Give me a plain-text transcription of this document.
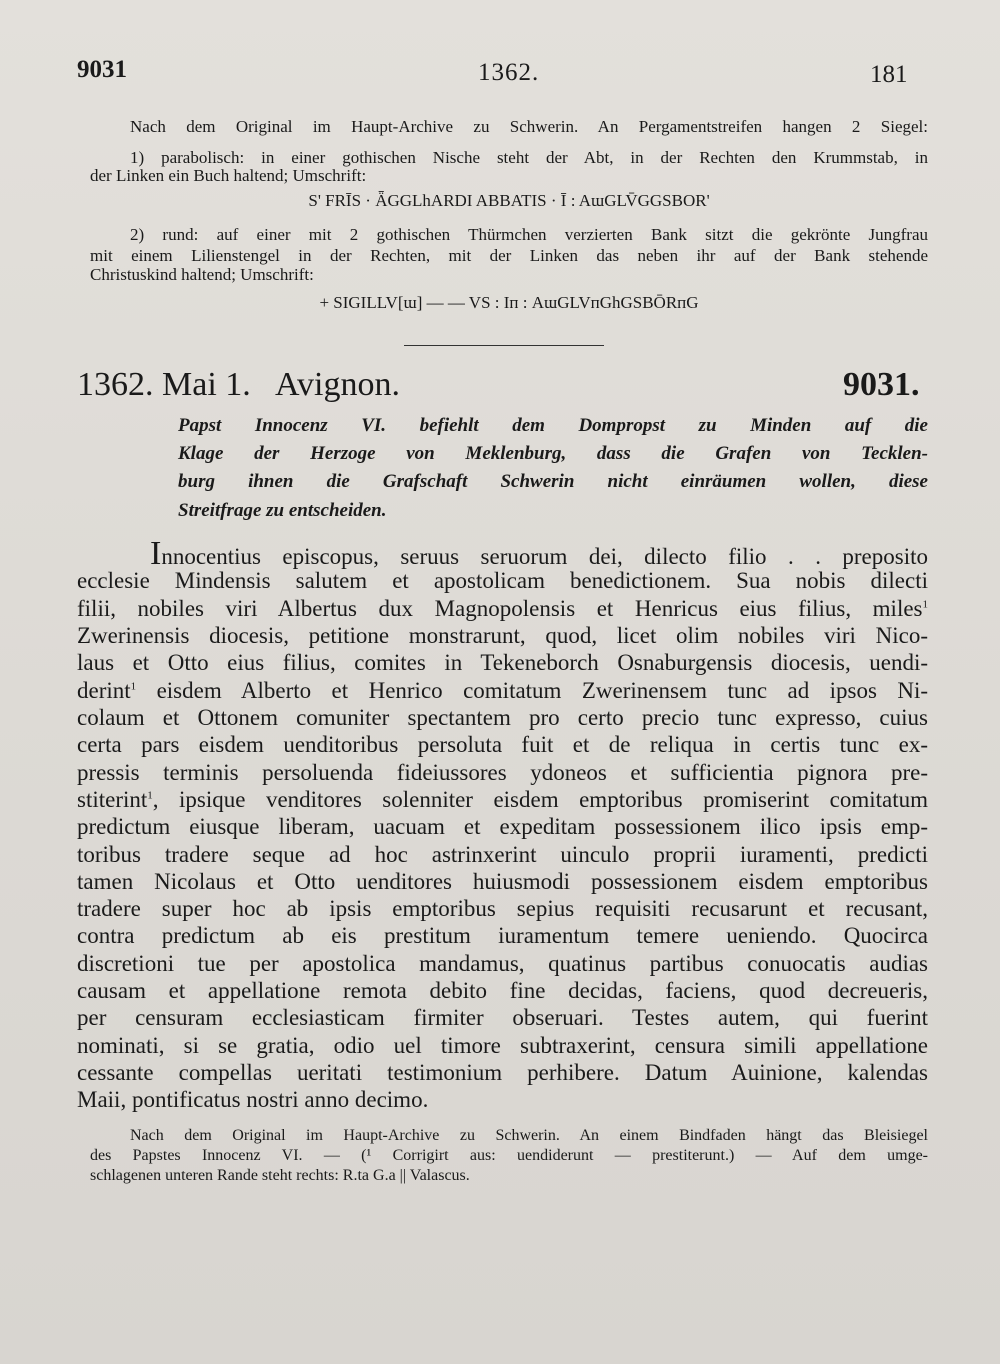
9031	1362.	181
Nach dem Original im Haupt-Archive zu Schwerin. An Pergamentstreifen hangen 2 Siegel:
1) parabolisch: in einer gothischen Nische steht der Abt, in der Rechten den Krummstab, in
der Linken ein Buch haltend; Umschrift:
S' FRĪS · ǞGGLhARDI ABBATIS · Ī : AɯGLV̄GGSBOR'
2) rund: auf einer mit 2 gothischen Thürmchen verzierten Bank sitzt die gekrönte Jungfrau
mit einem Lilienstengel in der Rechten, mit der Linken das neben ihr auf der Bank stehende
Christuskind haltend; Umschrift:
+ SIGILLV[ɯ] — — VS : Iᴨ : AɯGLVᴨGhGSBŌRᴨG
1362. Mai 1. Avignon.	9031.
Papst Innocenz VI. befiehlt dem Dompropst zu Minden auf die
Klage der Herzoge von Meklenburg, dass die Grafen von Tecklen-
burg ihnen die Grafschaft Schwerin nicht einräumen wollen, diese
Streitfrage zu entscheiden.
Innocentius episcopus, seruus seruorum dei, dilecto filio . . preposito
ecclesie Mindensis salutem et apostolicam benedictionem. Sua nobis dilecti
filii, nobiles viri Albertus dux Magnopolensis et Henricus eius filius, miles$^1$
Zwerinensis diocesis, petitione monstrarunt, quod, licet olim nobiles viri Nico-
laus et Otto eius filius, comites in Tekeneborch Osnaburgensis diocesis, uendi-
derint$^1$ eisdem Alberto et Henrico comitatum Zwerinensem tunc ad ipsos Ni-
colaum et Ottonem comuniter spectantem pro certo precio tunc expresso, cuius
certa pars eisdem uenditoribus persoluta fuit et de reliqua in certis tunc ex-
pressis terminis persoluenda fideiussores ydoneos et sufficientia pignora pre-
stiterint$^1$, ipsique venditores solenniter eisdem emptoribus promiserint comitatum
predictum eiusque liberam, uacuam et expeditam possessionem ilico ipsis emp-
toribus tradere seque ad hoc astrinxerint uinculo proprii iuramenti, predicti
tamen Nicolaus et Otto uenditores huiusmodi possessionem eisdem emptoribus
tradere super hoc ab ipsis emptoribus sepius requisiti recusarunt et recusant,
contra predictum ab eis prestitum iuramentum temere ueniendo. Quocirca
discretioni tue per apostolica mandamus, quatinus partibus conuocatis audias
causam et appellatione remota debito fine decidas, faciens, quod decreueris,
per censuram ecclesiasticam firmiter obseruari. Testes autem, qui fuerint
nominati, si se gratia, odio uel timore subtraxerint, censura simili appellatione
cessante compellas ueritati testimonium perhibere. Datum Auinione, kalendas
Maii, pontificatus nostri anno decimo.
Nach dem Original im Haupt-Archive zu Schwerin. An einem Bindfaden hängt das Bleisiegel
des Papstes Innocenz VI. — (¹ Corrigirt aus: uendiderunt — prestiterunt.) — Auf dem umge-
schlagenen unteren Rande steht rechts: R.ta G.a || Valascus.
